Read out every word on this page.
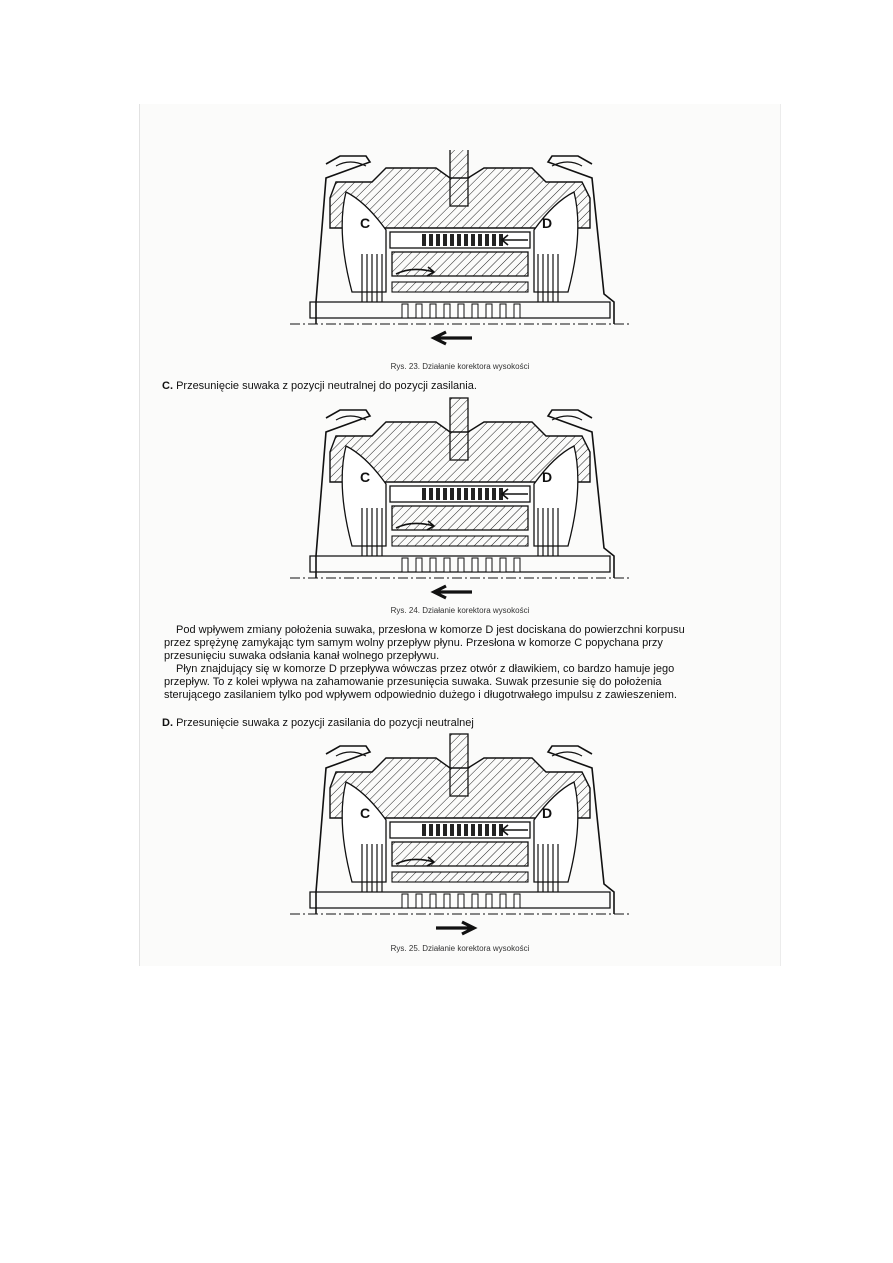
C	D
Rys. 23. Działanie korektora wysokości
C. Przesunięcie suwaka z pozycji neutralnej do pozycji zasilania.
C	D
Rys. 24. Działanie korektora wysokości
Pod wpływem zmiany położenia suwaka, przesłona w komorze D jest dociskana do powierzchni korpusu
przez sprężynę zamykając tym samym wolny przepływ płynu. Przesłona w komorze C popychana przy
przesunięciu suwaka odsłania kanał wolnego przepływu.
Płyn znajdujący się w komorze D przepływa wówczas przez otwór z dławikiem, co bardzo hamuje jego
przepływ. To z kolei wpływa na zahamowanie przesunięcia suwaka. Suwak przesunie się do położenia
sterującego zasilaniem tylko pod wpływem odpowiednio dużego i długotrwałego impulsu z zawieszeniem.
D. Przesunięcie suwaka z pozycji zasilania do pozycji neutralnej
C	D
Rys. 25. Działanie korektora wysokości
